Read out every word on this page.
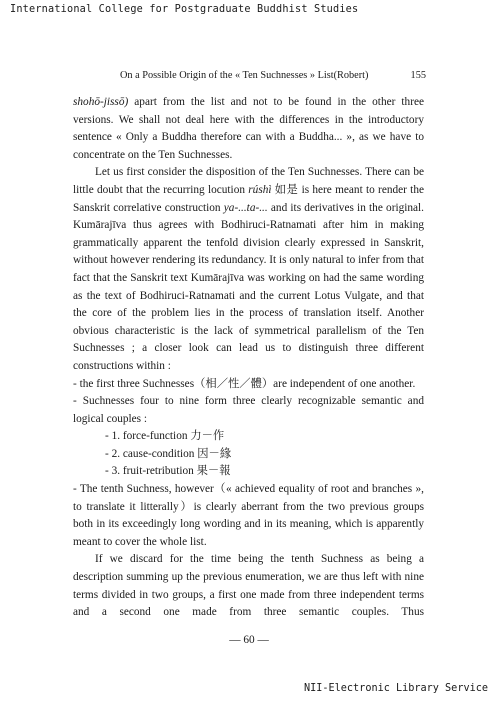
International College for Postgraduate Buddhist Studies
On a Possible Origin of the « Ten Suchnesses » List(Robert)	155

shohō-jissō) apart from the list and not to be found in the other three versions. We shall not deal here with the differences in the introductory sentence « Only a Buddha therefore can with a Buddha... », as we have to concentrate on the Ten Suchnesses.

Let us first consider the disposition of the Ten Suchnesses. There can be little doubt that the recurring locution rúshì 如是 is here meant to render the Sanskrit correlative construction ya-...ta-... and its derivatives in the original. Kumārajīva thus agrees with Bodhiruci-Ratnamati after him in making grammatically apparent the tenfold division clearly expressed in Sanskrit, without however rendering its redundancy. It is only natural to infer from that fact that the Sanskrit text Kumārajīva was working on had the same wording as the text of Bodhiruci-Ratnamati and the current Lotus Vulgate, and that the core of the problem lies in the process of translation itself. Another obvious characteristic is the lack of symmetrical parallelism of the Ten Suchnesses ; a closer look can lead us to distinguish three different constructions within :

- the first three Suchnesses（相／性／體）are independent of one another.

- Suchnesses four to nine form three clearly recognizable semantic and logical couples :

- 1. force-function 力－作

- 2. cause-condition 因－緣

- 3. fruit-retribution 果－報

- The tenth Suchness, however（« achieved equality of root and branches », to translate it litterally）is clearly aberrant from the two previous groups both in its exceedingly long wording and in its meaning, which is apparently meant to cover the whole list.

If we discard for the time being the tenth Suchness as being a description summing up the previous enumeration, we are thus left with nine terms divided in two groups, a first one made from three independent terms and a second one made from three semantic couples. Thus

— 60 —
NII-Electronic Library Service
